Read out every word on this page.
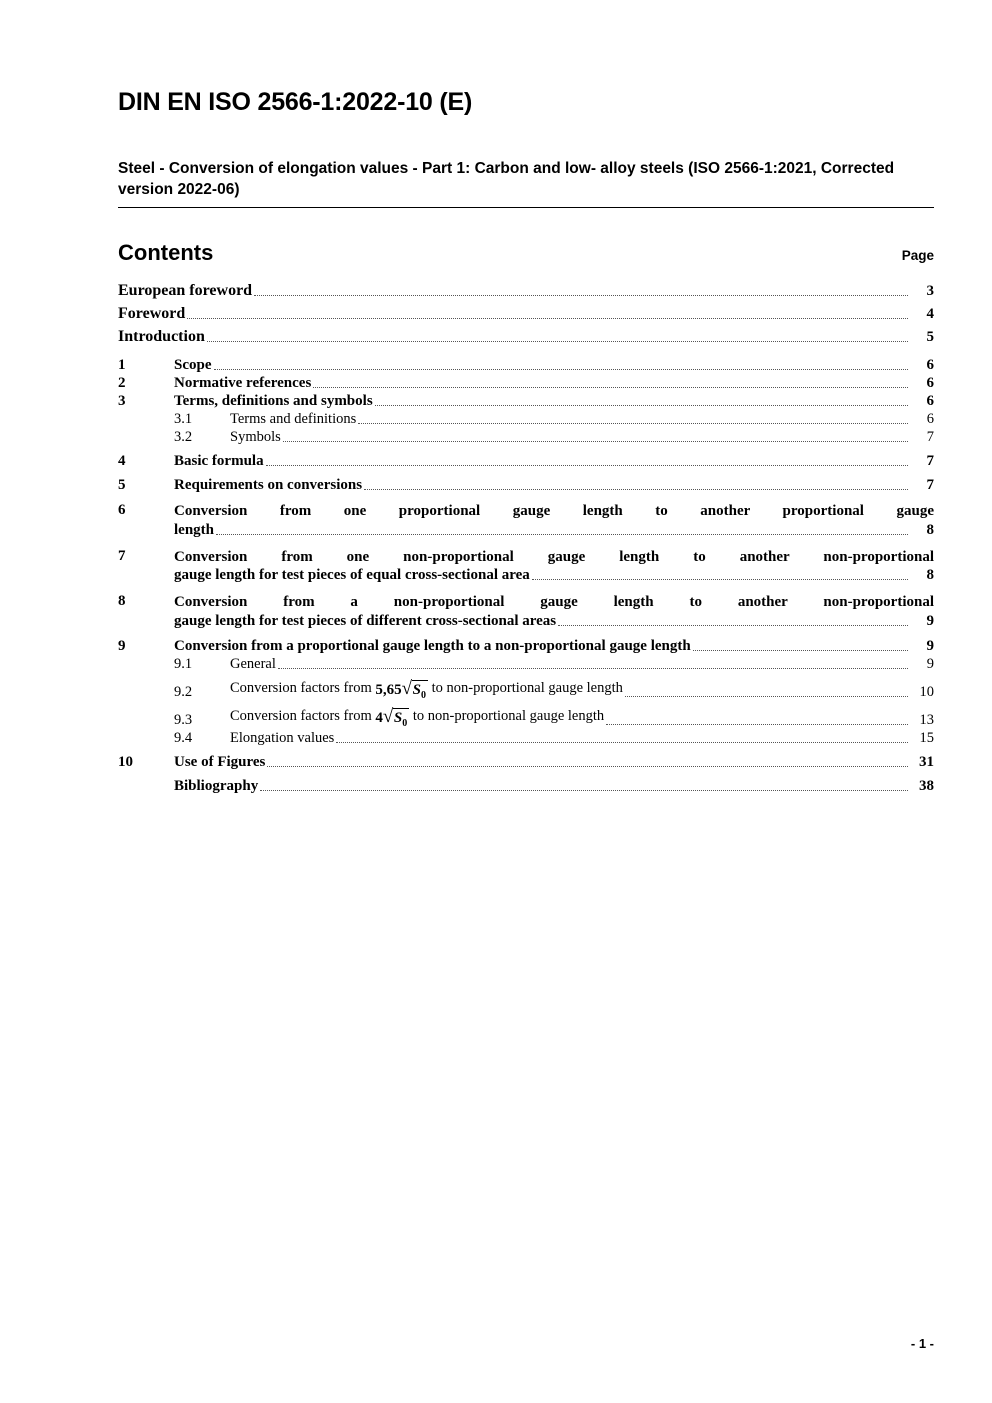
DIN EN ISO 2566-1:2022-10 (E)
Steel - Conversion of elongation values - Part 1: Carbon and low- alloy steels (ISO 2566-1:2021, Corrected version 2022-06)
Contents	Page
European foreword	3
Foreword	4
Introduction	5
1	Scope	6
2	Normative references	6
3	Terms, definitions and symbols	6
3.1	Terms and definitions	6
3.2	Symbols	7
4	Basic formula	7
5	Requirements on conversions	7
6	Conversion from one proportional gauge length to another proportional gauge
length	8
7	Conversion from one non-proportional gauge length to another non-proportional
gauge length for test pieces of equal cross-sectional area	8
8	Conversion from a non-proportional gauge length to another non-proportional
gauge length for test pieces of different cross-sectional areas	9
9	Conversion from a proportional gauge length to a non-proportional gauge length	9
9.1	General	9
9.2	Conversion factors from 5,65 √ $S_0$ to non-proportional gauge length	10
9.3	Conversion factors from 4 √ $S_0$ to non-proportional gauge length	13
9.4	Elongation values	15
10	Use of Figures	31
Bibliography	38
- 1 -
